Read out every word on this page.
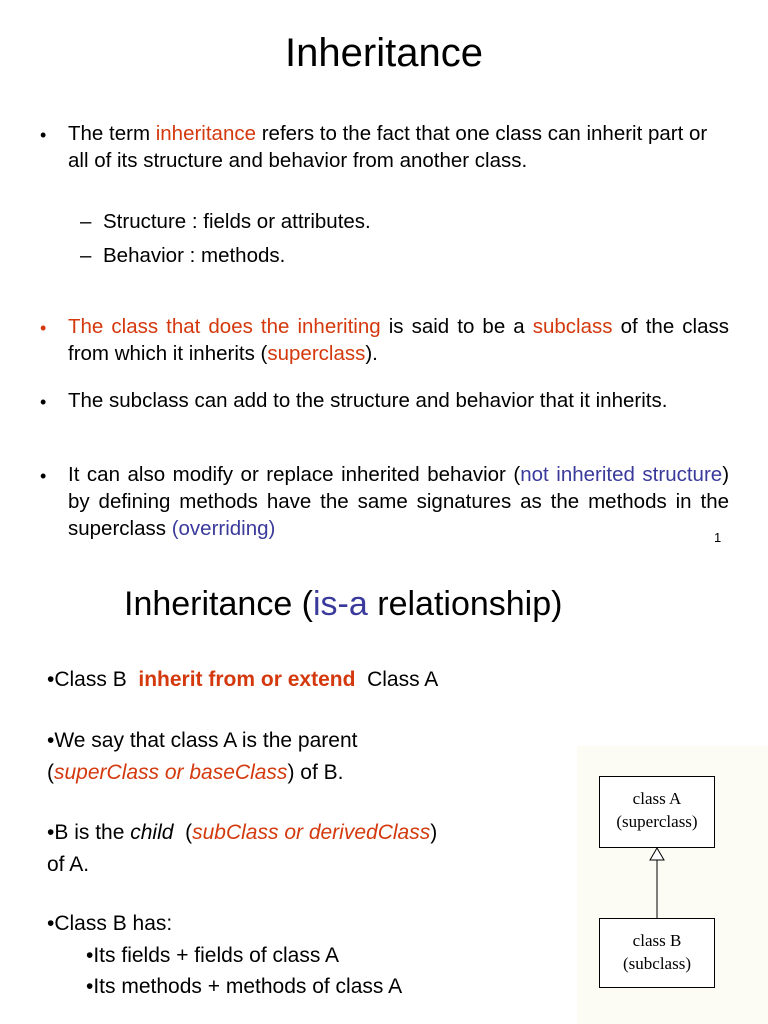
Inheritance
• The term inheritance refers to the fact that one class can inherit part or all of its structure and behavior from another class.
– Structure : fields or attributes.
– Behavior : methods.
• The class that does the inheriting is said to be a subclass of the class from which it inherits (superclass).
• The subclass can add to the structure and behavior that it inherits.
• It can also modify or replace inherited behavior (not inherited structure) by defining methods have the same signatures as the methods in the superclass (overriding)	1
Inheritance (is-a relationship)
•Class B  inherit from or extend  Class A
•We say that class A is the parent
(superClass or baseClass) of B.
•B is the child  (subClass or derivedClass)
of A.
•Class B has:
•Its fields + fields of class A
•Its methods + methods of class A
class A
(superclass)
class B
(subclass)
